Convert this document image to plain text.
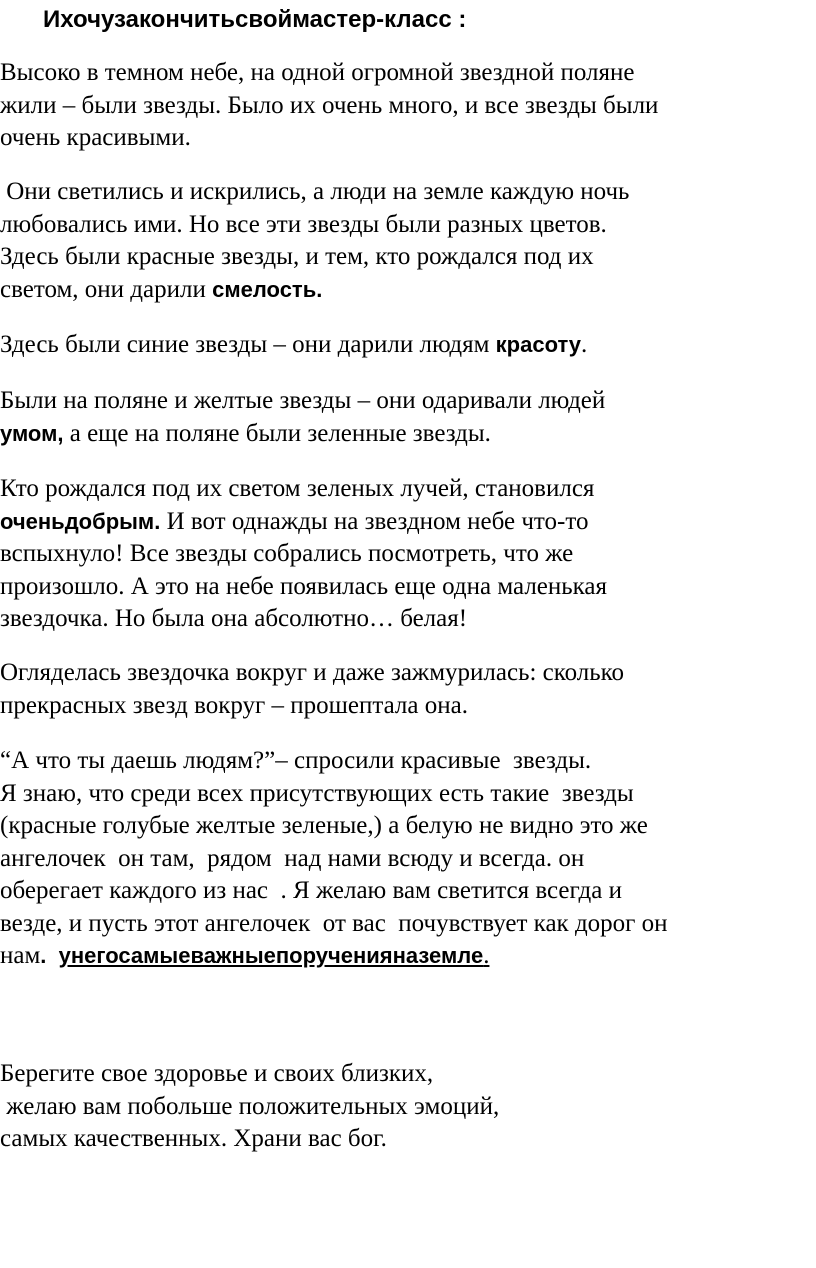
Ихочузакончитьсвоймастер-класс :

Высоко в темном небе, на одной огромной звездной поляне
жили – были звезды. Было их очень много, и все звезды были
очень красивыми.

Они светились и искрились, а люди на земле каждую ночь
любовались ими. Но все эти звезды были разных цветов.
Здесь были красные звезды, и тем, кто рождался под их
светом, они дарили смелость.

Здесь были синие звезды – они дарили людям красоту.

Были на поляне и желтые звезды – они одаривали людей
умом, а еще на поляне были зеленные звезды.

Кто рождался под их светом зеленых лучей, становился
оченьдобрым. И вот однажды на звездном небе что-то
вспыхнуло! Все звезды собрались посмотреть, что же
произошло. А это на небе появилась еще одна маленькая
звездочка. Но была она абсолютно… белая!

Огляделась звездочка вокруг и даже зажмурилась: сколько
прекрасных звезд вокруг – прошептала она.

“А что ты даешь людям?”– спросили красивые  звезды.
Я знаю, что среди всех присутствующих есть такие  звезды
(красные голубые желтые зеленые,) а белую не видно это же
ангелочек  он там,  рядом  над нами всюду и всегда. он
оберегает каждого из нас  . Я желаю вам светится всегда и
везде, и пусть этот ангелочек  от вас  почувствует как дорог он
нам.  унегосамыеважныепорученияназемле.

Берегите свое здоровье и своих близких,
желаю вам побольше положительных эмоций,
самых качественных. Храни вас бог.
